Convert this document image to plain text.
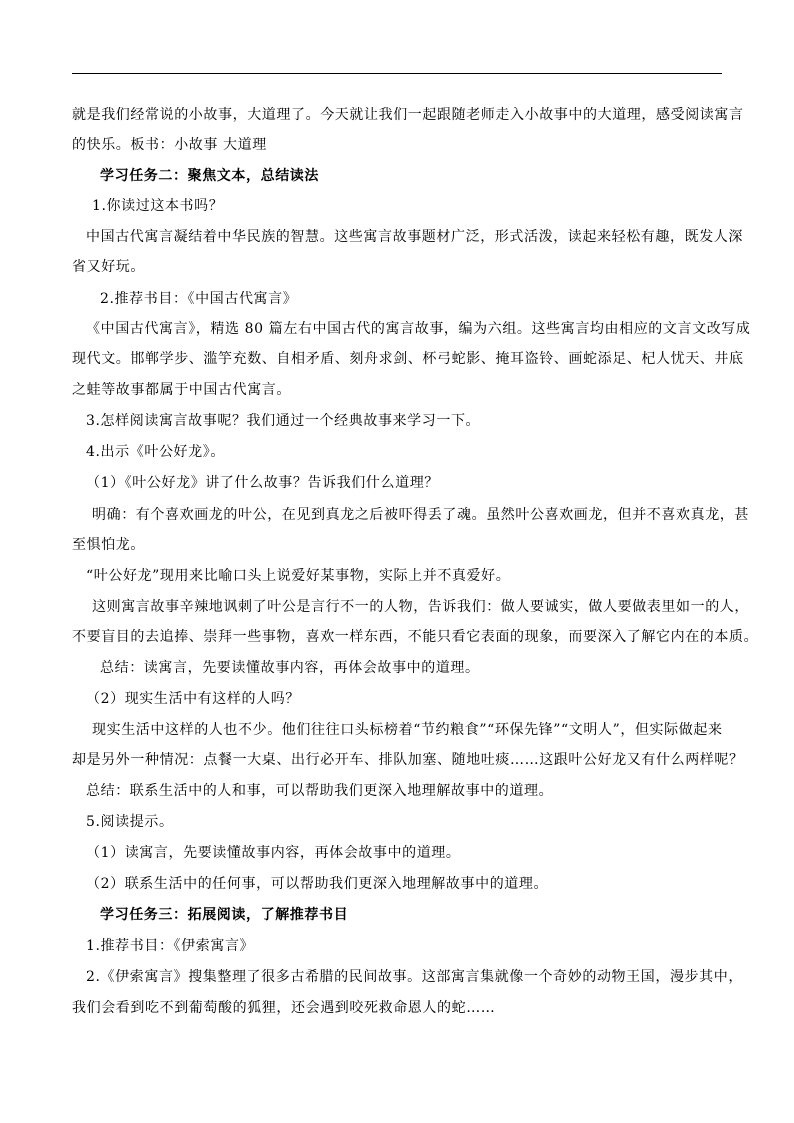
就是我们经常说的小故事，大道理了。今天就让我们一起跟随老师走入小故事中的大道理，感受阅读寓言
的快乐。板书：小故事 大道理
学习任务二：聚焦文本，总结读法
1.你读过这本书吗？
中国古代寓言凝结着中华民族的智慧。这些寓言故事题材广泛，形式活泼，读起来轻松有趣，既发人深
省又好玩。
2.推荐书目：《中国古代寓言》
《中国古代寓言》，精选 80 篇左右中国古代的寓言故事，编为六组。这些寓言均由相应的文言文改写成
现代文。邯郸学步、滥竽充数、自相矛盾、刻舟求剑、杯弓蛇影、掩耳盗铃、画蛇添足、杞人忧天、井底
之蛙等故事都属于中国古代寓言。
3.怎样阅读寓言故事呢？我们通过一个经典故事来学习一下。
4.出示《叶公好龙》。
（1）《叶公好龙》讲了什么故事？告诉我们什么道理？
明确：有个喜欢画龙的叶公，在见到真龙之后被吓得丢了魂。虽然叶公喜欢画龙，但并不喜欢真龙，甚
至惧怕龙。
“叶公好龙”现用来比喻口头上说爱好某事物，实际上并不真爱好。
这则寓言故事辛辣地讽刺了叶公是言行不一的人物，告诉我们：做人要诚实，做人要做表里如一的人，
不要盲目的去追捧、崇拜一些事物，喜欢一样东西，不能只看它表面的现象，而要深入了解它内在的本质。
总结：读寓言，先要读懂故事内容，再体会故事中的道理。
（2）现实生活中有这样的人吗？
现实生活中这样的人也不少。他们往往口头标榜着“节约粮食”“环保先锋”“文明人”，但实际做起来
却是另外一种情况：点餐一大桌、出行必开车、排队加塞、随地吐痰……这跟叶公好龙又有什么两样呢？
总结：联系生活中的人和事，可以帮助我们更深入地理解故事中的道理。
5.阅读提示。
（1）读寓言，先要读懂故事内容，再体会故事中的道理。
（2）联系生活中的任何事，可以帮助我们更深入地理解故事中的道理。
学习任务三：拓展阅读，了解推荐书目
1.推荐书目：《伊索寓言》
2.《伊索寓言》搜集整理了很多古希腊的民间故事。这部寓言集就像一个奇妙的动物王国，漫步其中，
我们会看到吃不到葡萄酸的狐狸，还会遇到咬死救命恩人的蛇……
